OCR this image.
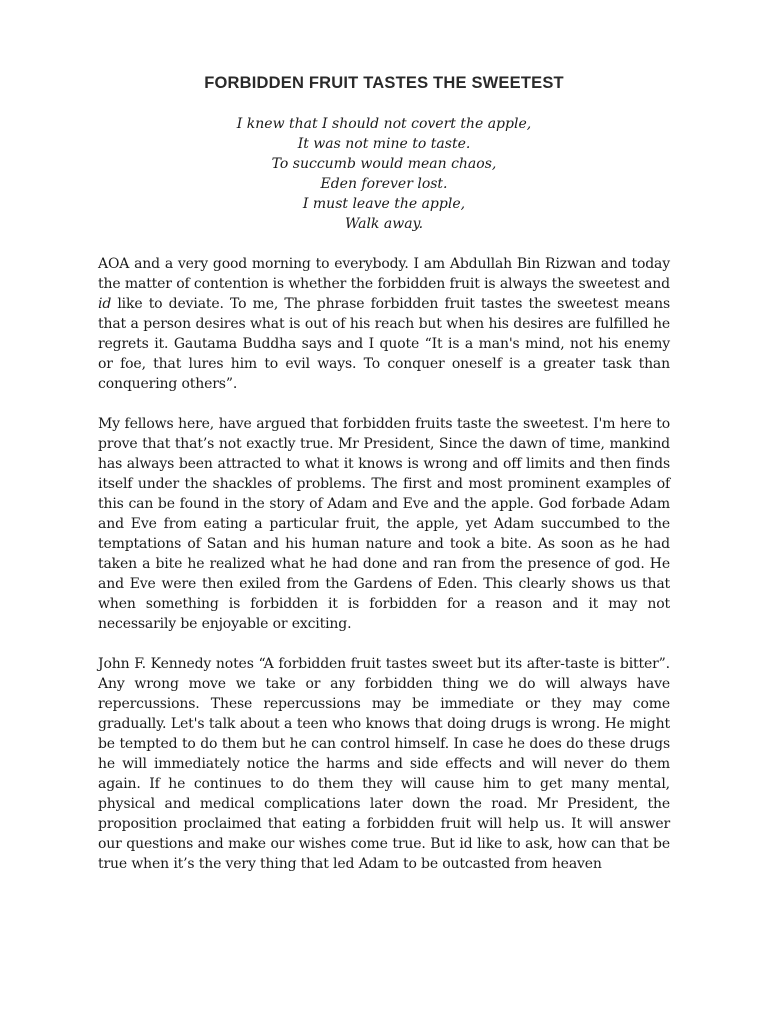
FORBIDDEN FRUIT TASTES THE SWEETEST
I knew that I should not covert the apple,
It was not mine to taste.
To succumb would mean chaos,
Eden forever lost.
I must leave the apple,
Walk away.

AOA and a very good morning to everybody. I am Abdullah Bin Rizwan and today the matter of contention is whether the forbidden fruit is always the sweetest and id like to deviate. To me, The phrase forbidden fruit tastes the sweetest means that a person desires what is out of his reach but when his desires are fulfilled he regrets it. Gautama Buddha says and I quote “It is a man's mind, not his enemy or foe, that lures him to evil ways. To conquer oneself is a greater task than conquering others”.

My fellows here, have argued that forbidden fruits taste the sweetest. I'm here to prove that that’s not exactly true. Mr President, Since the dawn of time, mankind has always been attracted to what it knows is wrong and off limits and then finds itself under the shackles of problems. The first and most prominent examples of this can be found in the story of Adam and Eve and the apple. God forbade Adam and Eve from eating a particular fruit, the apple, yet Adam succumbed to the temptations of Satan and his human nature and took a bite. As soon as he had taken a bite he realized what he had done and ran from the presence of god. He and Eve were then exiled from the Gardens of Eden. This clearly shows us that when something is forbidden it is forbidden for a reason and it may not necessarily be enjoyable or exciting.

John F. Kennedy notes “A forbidden fruit tastes sweet but its after-taste is bitter”. Any wrong move we take or any forbidden thing we do will always have repercussions. These repercussions may be immediate or they may come gradually. Let's talk about a teen who knows that doing drugs is wrong. He might be tempted to do them but he can control himself. In case he does do these drugs he will immediately notice the harms and side effects and will never do them again. If he continues to do them they will cause him to get many mental, physical and medical complications later down the road. Mr President, the proposition proclaimed that eating a forbidden fruit will help us. It will answer our questions and make our wishes come true. But id like to ask, how can that be true when it’s the very thing that led Adam to be outcasted from heaven
